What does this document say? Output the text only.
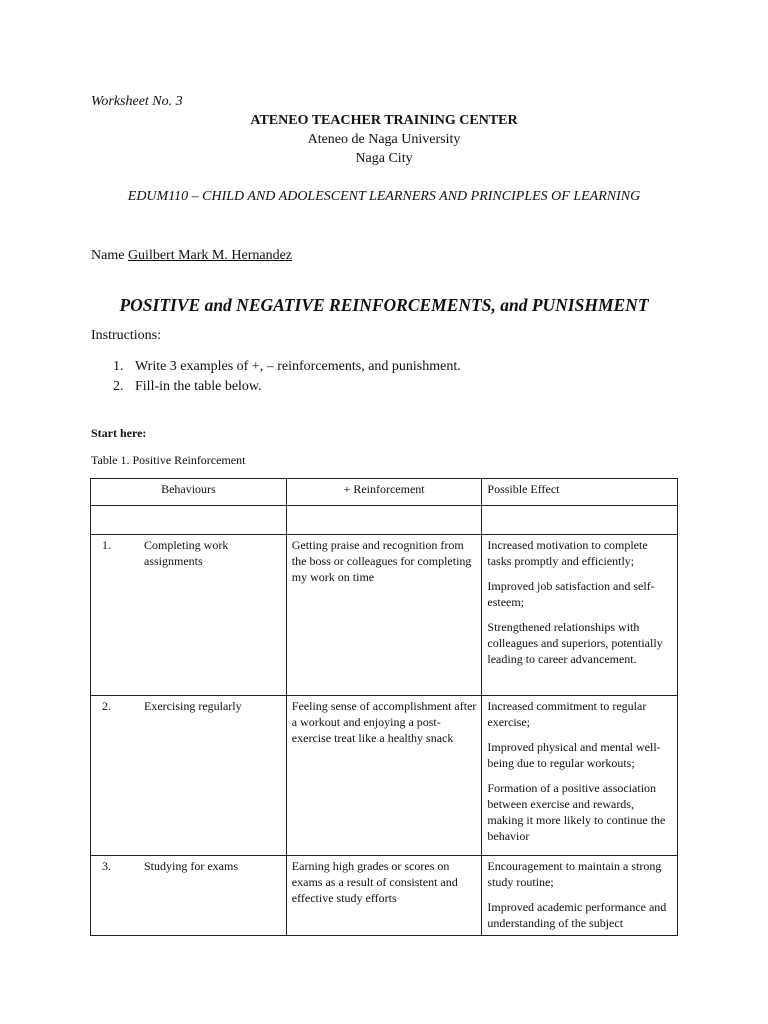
Worksheet No. 3
ATENEO TEACHER TRAINING CENTER
Ateneo de Naga University
Naga City
EDUM110 – CHILD AND ADOLESCENT LEARNERS AND PRINCIPLES OF LEARNING
Name Guilbert Mark M. Hernandez
POSITIVE and NEGATIVE REINFORCEMENTS, and PUNISHMENT
Instructions:
1. Write 3 examples of +, – reinforcements, and punishment.
2. Fill-in the table below.
Start here:
Table 1. Positive Reinforcement
Behaviours	+ Reinforcement	Possible Effect

1. Completing work assignments	Getting praise and recognition from the boss or colleagues for completing my work on time	Increased motivation to complete tasks promptly and efficiently;

Improved job satisfaction and self-esteem;

Strengthened relationships with colleagues and superiors, potentially leading to career advancement.

2. Exercising regularly	Feeling sense of accomplishment after a workout and enjoying a post-exercise treat like a healthy snack	Increased commitment to regular exercise;

Improved physical and mental well-being due to regular workouts;

Formation of a positive association between exercise and rewards, making it more likely to continue the behavior

3. Studying for exams	Earning high grades or scores on exams as a result of consistent and effective study efforts	Encouragement to maintain a strong study routine;

Improved academic performance and understanding of the subject
